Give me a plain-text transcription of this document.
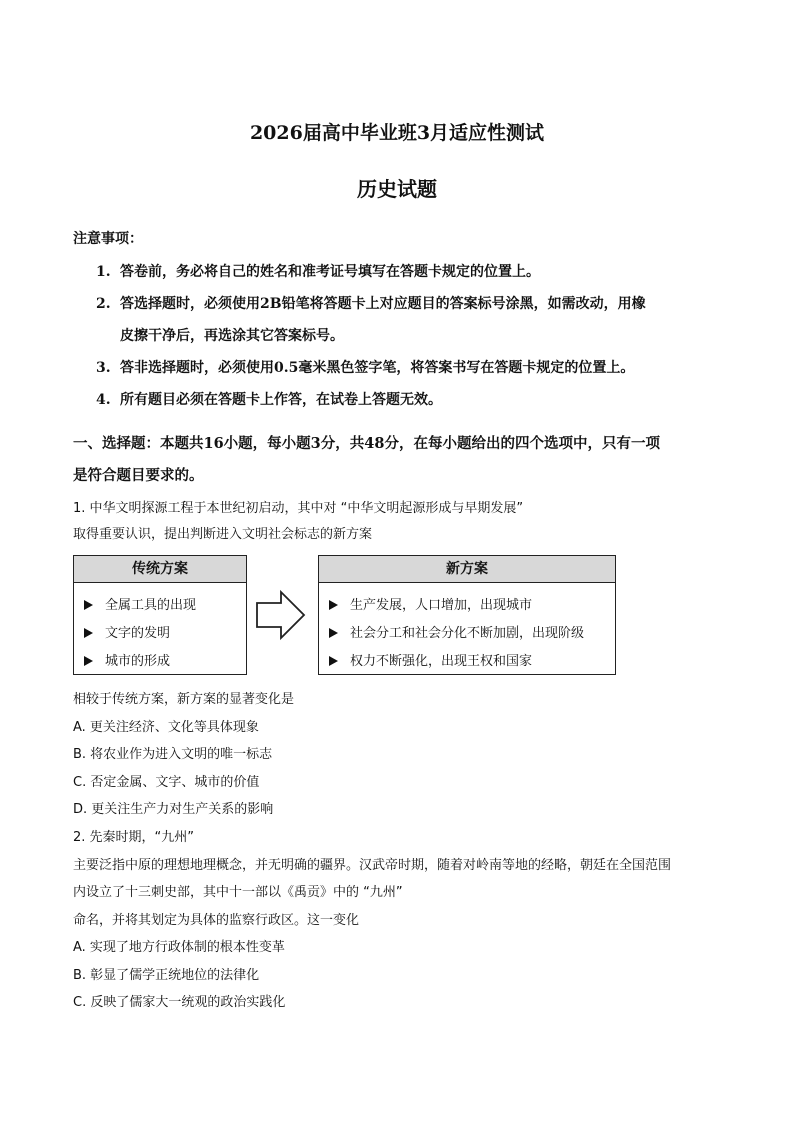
2026届高中毕业班3月适应性测试
历史试题
注意事项：
1. 答卷前，务必将自己的姓名和准考证号填写在答题卡规定的位置上。
2. 答选择题时，必须使用2B铅笔将答题卡上对应题目的答案标号涂黑，如需改动，用橡
皮擦干净后，再选涂其它答案标号。
3. 答非选择题时，必须使用0.5毫米黑色签字笔，将答案书写在答题卡规定的位置上。
4. 所有题目必须在答题卡上作答，在试卷上答题无效。
一、选择题：本题共16小题，每小题3分，共48分，在每小题给出的四个选项中，只有一项
是符合题目要求的。
1. 中华文明探源工程于本世纪初启动，其中对 “中华文明起源形成与早期发展”
取得重要认识，提出判断进入文明社会标志的新方案
传统方案
全属工具的出现
文字的发明
城市的形成
新方案
生产发展，人口增加，出现城市
社会分工和社会分化不断加剧，出现阶级
权力不断强化，出现王权和国家
相较于传统方案，新方案的显著变化是
A. 更关注经济、文化等具体现象
B. 将农业作为进入文明的唯一标志
C. 否定金属、文字、城市的价值
D. 更关注生产力对生产关系的影响
2. 先秦时期，“九州”
主要泛指中原的理想地理概念，并无明确的疆界。汉武帝时期，随着对岭南等地的经略，朝廷在全国范围
内设立了十三刺史部，其中十一部以《禹贡》中的 “九州”
命名，并将其划定为具体的监察行政区。这一变化
A. 实现了地方行政体制的根本性变革
B. 彰显了儒学正统地位的法律化
C. 反映了儒家大一统观的政治实践化
